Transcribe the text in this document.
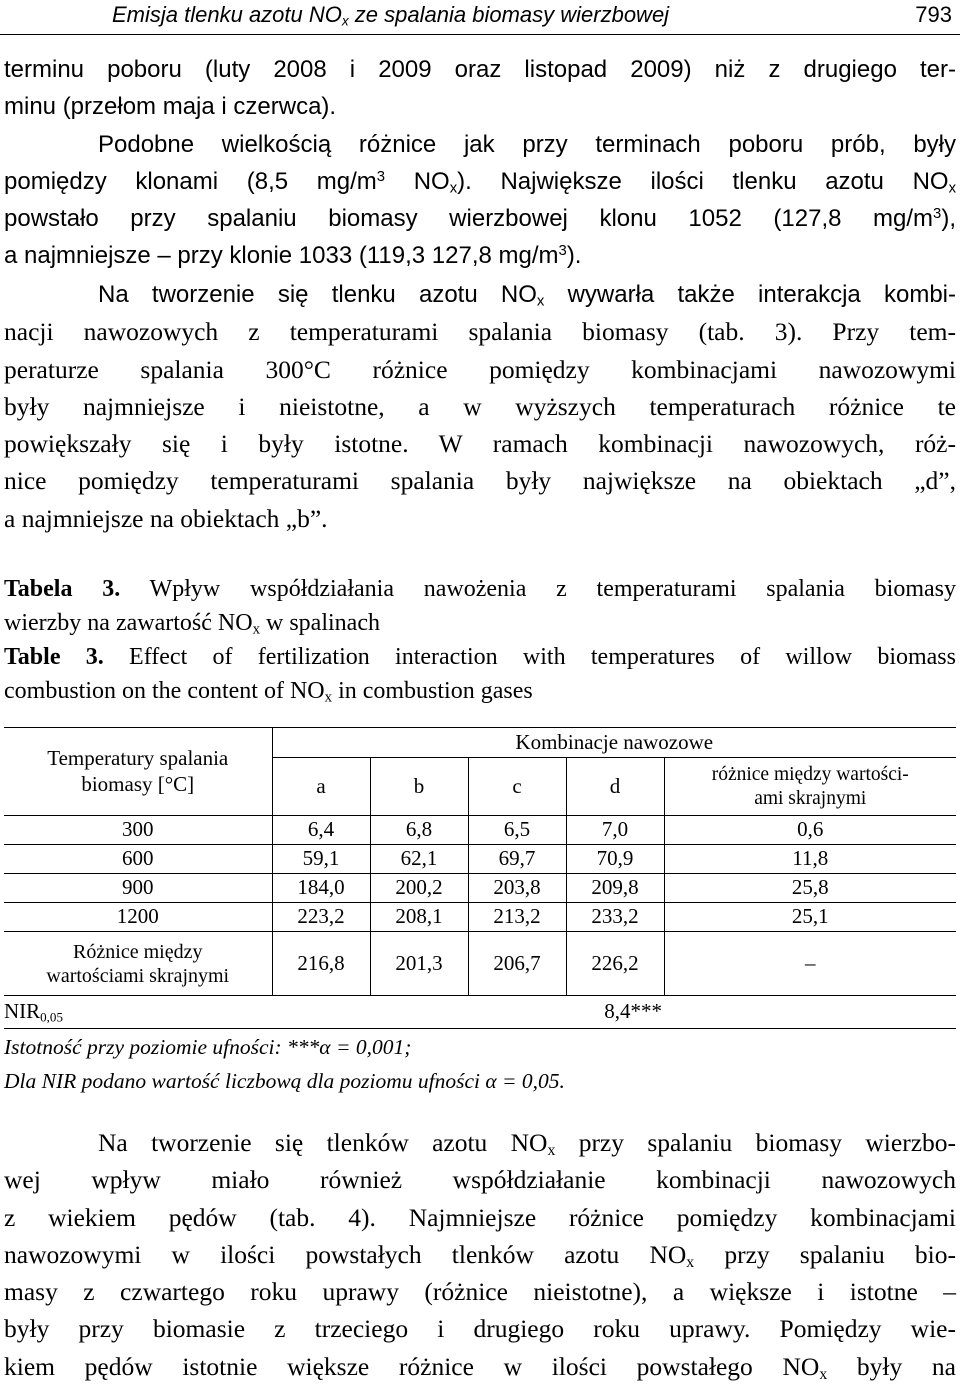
Emisja tlenku azotu $NO_x$ ze spalania biomasy wierzbowej	793
terminu poboru (luty 2008 i 2009 oraz listopad 2009) niż z drugiego ter-
minu (przełom maja i czerwca).
Podobne wielkością różnice jak przy terminach poboru prób, były
pomiędzy klonami (8,5 $mg/m^3$ $NO_x$). Największe ilości tlenku azotu $NO_x$
powstało przy spalaniu biomasy wierzbowej klonu 1052 (127,8 $mg/m^3$),
a najmniejsze – przy klonie 1033 (119,3 127,8 $mg/m^3$).
Na tworzenie się tlenku azotu $NO_x$ wywarła także interakcja kombi-
nacji nawozowych z temperaturami spalania biomasy (tab. 3). Przy tem-
peraturze spalania 300°C różnice pomiędzy kombinacjami nawozowymi
były najmniejsze i nieistotne, a w wyższych temperaturach różnice te
powiększały się i były istotne. W ramach kombinacji nawozowych, róż-
nice pomiędzy temperaturami spalania były największe na obiektach „d”,
a najmniejsze na obiektach „b”.
Tabela 3. Wpływ współdziałania nawożenia z temperaturami spalania biomasy
wierzby na zawartość $NO_x$ w spalinach
Table 3. Effect of fertilization interaction with temperatures of willow biomass
combustion on the content of $NO_x$ in combustion gases
Temperatury spalania
biomasy [°C]	Kombinacje nawozowe				
	a	b	c	d	różnice między wartości-
ami skrajnymi
300	6,4	6,8	6,5	7,0	0,6
600	59,1	62,1	69,7	70,9	11,8
900	184,0	200,2	203,8	209,8	25,8
1200	223,2	208,1	213,2	233,2	25,1
Różnice między
wartościami skrajnymi	216,8	201,3	206,7	226,2	–
$NIR_{0,05}$	8,4***				
Istotność przy poziomie ufności: ***α = 0,001;
Dla NIR podano wartość liczbową dla poziomu ufności α = 0,05.
Na tworzenie się tlenków azotu $NO_x$ przy spalaniu biomasy wierzbo-
wej wpływ miało również współdziałanie kombinacji nawozowych
z wiekiem pędów (tab. 4). Najmniejsze różnice pomiędzy kombinacjami
nawozowymi w ilości powstałych tlenków azotu $NO_x$ przy spalaniu bio-
masy z czwartego roku uprawy (różnice nieistotne), a większe i istotne –
były przy biomasie z trzeciego i drugiego roku uprawy. Pomiędzy wie-
kiem pędów istotnie większe różnice w ilości powstałego $NO_x$ były na
